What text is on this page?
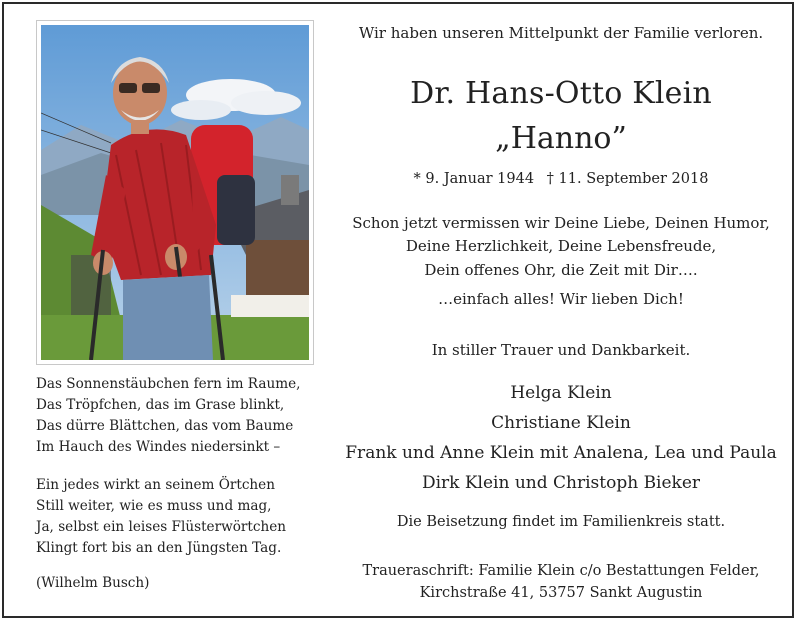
Das Sonnenstäubchen fern im Raume,

Das Tröpfchen, das im Grase blinkt,

Das dürre Blättchen, das vom Baume

Im Hauch des Windes niedersinkt –

Ein jedes wirkt an seinem Örtchen

Still weiter, wie es muss und mag,

Ja, selbst ein leises Flüsterwörtchen

Klingt fort bis an den Jüngsten Tag.

(Wilhelm Busch)

Wir haben unseren Mittelpunkt der Familie verloren.
Dr. Hans-Otto Klein
„Hanno”
* 9. Januar 1944 † 11. September 2018

Schon jetzt vermissen wir Deine Liebe, Deinen Humor,

Deine Herzlichkeit, Deine Lebensfreude,

Dein offenes Ohr, die Zeit mit Dir….

…einfach alles! Wir lieben Dich!
In stiller Trauer und Dankbarkeit.

Helga Klein

Christiane Klein

Frank und Anne Klein mit Analena, Lea und Paula

Dirk Klein und Christoph Bieker

Die Beisetzung findet im Familienkreis statt.

Traueraschrift: Familie Klein c/o Bestattungen Felder,

Kirchstraße 41, 53757 Sankt Augustin
